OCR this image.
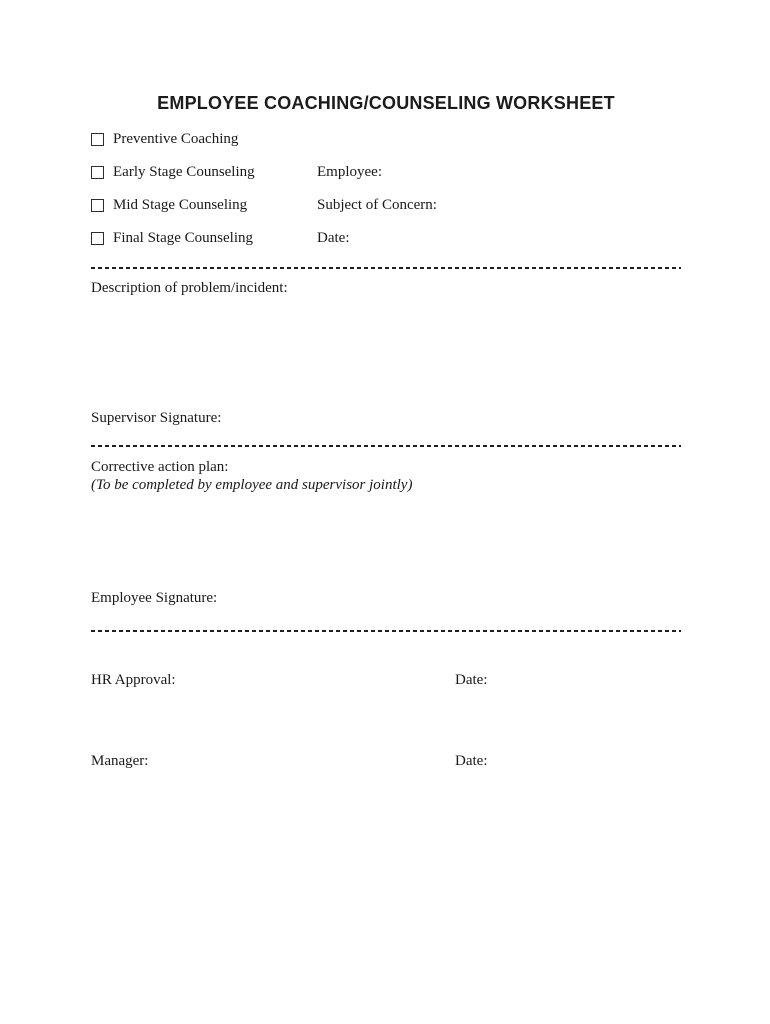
EMPLOYEE COACHING/COUNSELING WORKSHEET
Preventive Coaching
Early Stage Counseling
Mid Stage Counseling
Final Stage Counseling
Employee:
Subject of Concern:
Date:
Description of problem/incident:
Supervisor Signature:
Corrective action plan:
(To be completed by employee and supervisor jointly)
Employee Signature:
HR Approval:	Date:
Manager:	Date:
